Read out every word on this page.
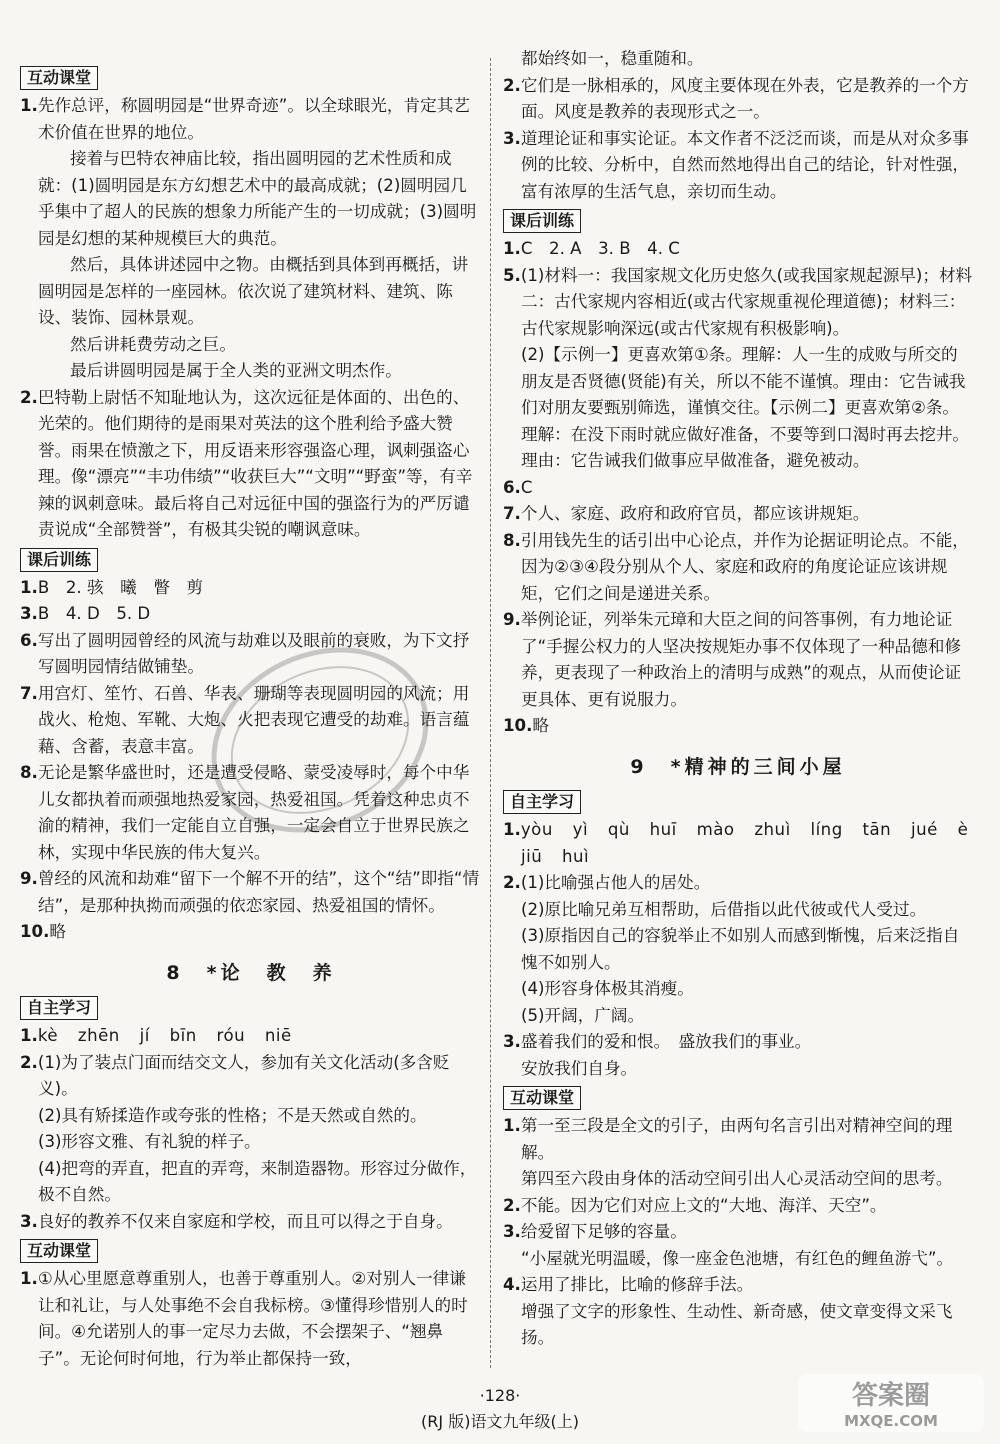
互动课堂
1.先作总评，称圆明园是“世界奇迹”。以全球眼光，肯定其艺术价值在世界的地位。
接着与巴特农神庙比较，指出圆明园的艺术性质和成就：(1)圆明园是东方幻想艺术中的最高成就；(2)圆明园几乎集中了超人的民族的想象力所能产生的一切成就；(3)圆明园是幻想的某种规模巨大的典范。
然后，具体讲述园中之物。由概括到具体到再概括，讲圆明园是怎样的一座园林。依次说了建筑材料、建筑、陈设、装饰、园林景观。
然后讲耗费劳动之巨。
最后讲圆明园是属于全人类的亚洲文明杰作。
2.巴特勒上尉恬不知耻地认为，这次远征是体面的、出色的、光荣的。他们期待的是雨果对英法的这个胜利给予盛大赞誉。雨果在愤激之下，用反语来形容强盗心理，讽刺强盗心理。像“漂亮”“丰功伟绩”“收获巨大”“文明”“野蛮”等，有辛辣的讽刺意味。最后将自己对远征中国的强盗行为的严厉谴责说成“全部赞誉”，有极其尖锐的嘲讽意味。
课后训练
1.B　2. 骇　曦　瞥　剪
3.B　4. D　5. D
6.写出了圆明园曾经的风流与劫难以及眼前的衰败，为下文抒写圆明园情结做铺垫。
7.用宫灯、笙竹、石兽、华表、珊瑚等表现圆明园的风流；用战火、枪炮、军靴、大炮、火把表现它遭受的劫难。语言蕴藉、含蓄，表意丰富。
8.无论是繁华盛世时，还是遭受侵略、蒙受凌辱时，每个中华儿女都执着而顽强地热爱家园，热爱祖国。凭着这种忠贞不渝的精神，我们一定能自立自强，一定会自立于世界民族之林，实现中华民族的伟大复兴。
9.曾经的风流和劫难“留下一个解不开的结”，这个“结”即指“情结”，是那种执拗而顽强的依恋家园、热爱祖国的情怀。
10.略
8　*论　教　养
自主学习
1.kè zhēn jí bīn róu niē
2.(1)为了装点门面而结交文人，参加有关文化活动(多含贬义)。
(2)具有矫揉造作或夸张的性格；不是天然或自然的。
(3)形容文雅、有礼貌的样子。
(4)把弯的弄直，把直的弄弯，来制造器物。形容过分做作，极不自然。
3.良好的教养不仅来自家庭和学校，而且可以得之于自身。
互动课堂
1.①从心里愿意尊重别人，也善于尊重别人。②对别人一律谦让和礼让，与人处事绝不会自我标榜。③懂得珍惜别人的时间。④允诺别人的事一定尽力去做，不会摆架子、“翘鼻子”。无论何时何地，行为举止都保持一致，
都始终如一，稳重随和。
2.它们是一脉相承的，风度主要体现在外表，它是教养的一个方面。风度是教养的表现形式之一。
3.道理论证和事实论证。本文作者不泛泛而谈，而是从对众多事例的比较、分析中，自然而然地得出自己的结论，针对性强，富有浓厚的生活气息，亲切而生动。
课后训练
1.C　2. A　3. B　4. C
5.(1)材料一：我国家规文化历史悠久(或我国家规起源早)；材料二：古代家规内容相近(或古代家规重视伦理道德)；材料三：古代家规影响深远(或古代家规有积极影响)。
(2)【示例一】更喜欢第①条。理解：人一生的成败与所交的朋友是否贤德(贤能)有关，所以不能不谨慎。理由：它告诫我们对朋友要甄别筛选，谨慎交往。【示例二】更喜欢第②条。理解：在没下雨时就应做好准备，不要等到口渴时再去挖井。理由：它告诫我们做事应早做准备，避免被动。
6.C
7.个人、家庭、政府和政府官员，都应该讲规矩。
8.引用钱先生的话引出中心论点，并作为论据证明论点。不能，因为②③④段分别从个人、家庭和政府的角度论证应该讲规矩，它们之间是递进关系。
9.举例论证，列举朱元璋和大臣之间的问答事例，有力地论证了“手握公权力的人坚决按规矩办事不仅体现了一种品德和修养，更表现了一种政治上的清明与成熟”的观点，从而使论证更具体、更有说服力。
10.略
9　*精神的三间小屋
自主学习
1.yòu yì qù huī mào zhuì líng tān jué è jiū huì
2.(1)比喻强占他人的居处。
(2)原比喻兄弟互相帮助，后借指以此代彼或代人受过。
(3)原指因自己的容貌举止不如别人而感到惭愧，后来泛指自愧不如别人。
(4)形容身体极其消瘦。
(5)开阔，广阔。
3.盛着我们的爱和恨。　盛放我们的事业。
安放我们自身。
互动课堂
1.第一至三段是全文的引子，由两句名言引出对精神空间的理解。
第四至六段由身体的活动空间引出人心灵活动空间的思考。
2.不能。因为它们对应上文的“大地、海洋、天空”。
3.给爱留下足够的容量。
“小屋就光明温暖，像一座金色池塘，有红色的鲤鱼游弋”。
4.运用了排比，比喻的修辞手法。
增强了文字的形象性、生动性、新奇感，使文章变得文采飞扬。
·128·
(RJ 版)语文九年级(上)
答案圈
MXQE.COM
